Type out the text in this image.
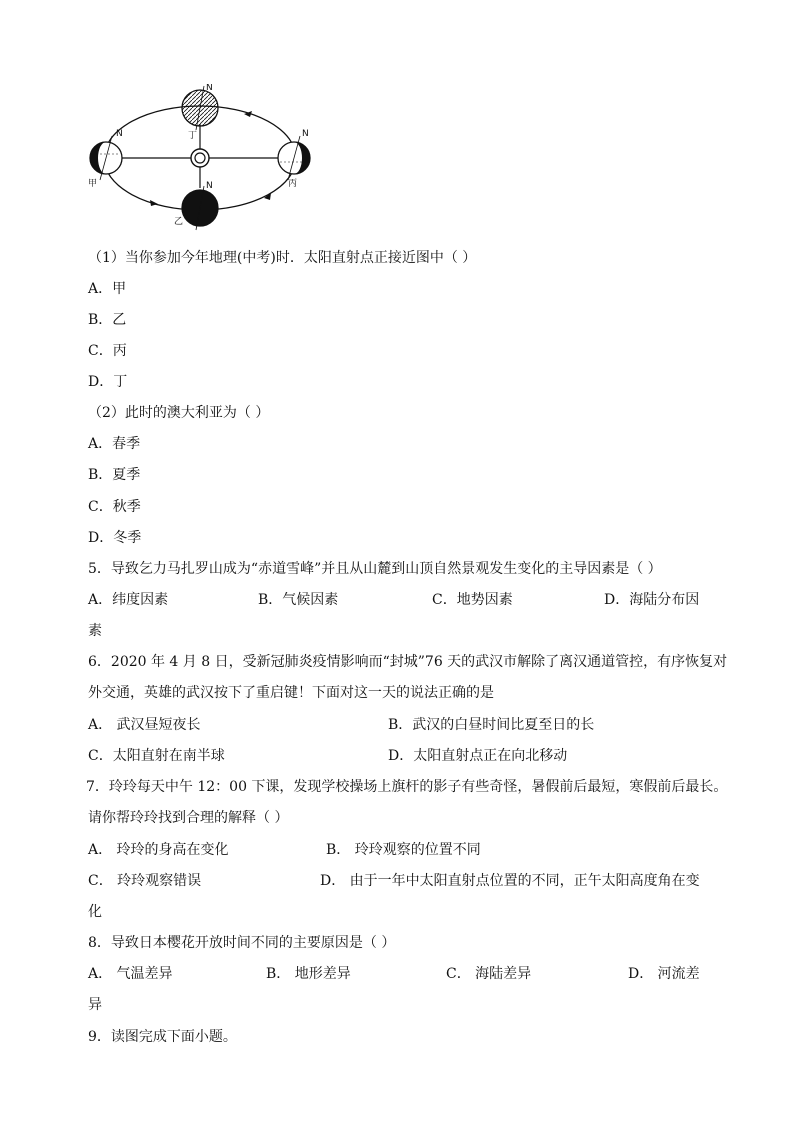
N
甲	N
乙
N
丙
N
丁
（1）当你参加今年地理(中考)时．太阳直射点正接近图中（ ）
A．甲
B．乙
C．丙
D．丁
（2）此时的澳大利亚为（ ）
A．春季
B．夏季
C．秋季
D．冬季
5．导致乞力马扎罗山成为“赤道雪峰”并且从山麓到山顶自然景观发生变化的主导因素是（ ）
A．纬度因素	B．气候因素	C．地势因素	D．海陆分布因
素
6．2020 年 4 月 8 日，受新冠肺炎疫情影响而“封城”76 天的武汉市解除了离汉通道管控，有序恢复对
外交通，英雄的武汉按下了重启键！下面对这一天的说法正确的是
A． 武汉昼短夜长	B．武汉的白昼时间比夏至日的长
C．太阳直射在南半球	D．太阳直射点正在向北移动
7．玲玲每天中午 12：00 下课，发现学校操场上旗杆的影子有些奇怪，暑假前后最短，寒假前后最长。
请你帮玲玲找到合理的解释（ ）
A． 玲玲的身高在变化	B． 玲玲观察的位置不同
C． 玲玲观察错误	D． 由于一年中太阳直射点位置的不同，正午太阳高度角在变
化
8．导致日本樱花开放时间不同的主要原因是（ ）
A． 气温差异	B． 地形差异	C． 海陆差异	D． 河流差
异
9．读图完成下面小题。
